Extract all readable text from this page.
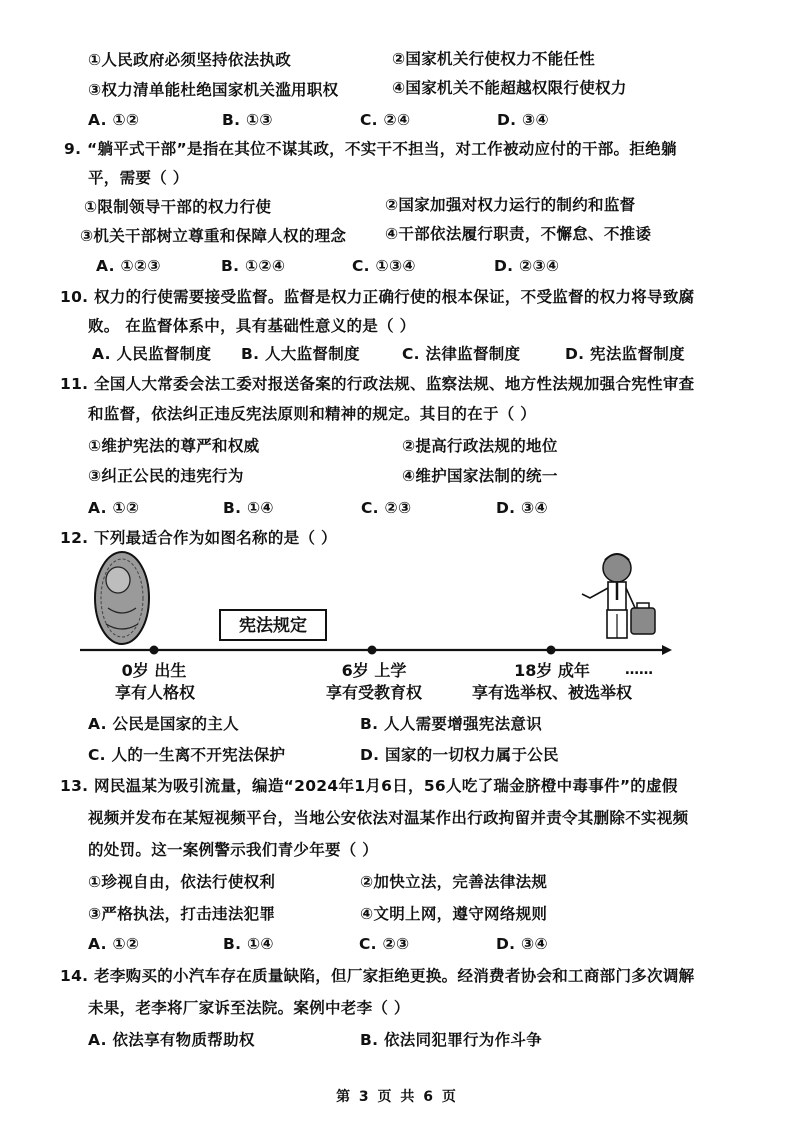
①人民政府必须坚持依法执政	②国家机关行使权力不能任性
③权力清单能杜绝国家机关滥用职权	④国家机关不能超越权限行使权力
A. ①②	B. ①③	C. ②④	D. ③④
9. “躺平式干部”是指在其位不谋其政，不实干不担当，对工作被动应付的干部。拒绝躺
平，需要（ ）
①限制领导干部的权力行使	②国家加强对权力运行的制约和监督
③机关干部树立尊重和保障人权的理念	④干部依法履行职责，不懈怠、不推诿
A. ①②③	B. ①②④	C. ①③④	D. ②③④
10. 权力的行使需要接受监督。监督是权力正确行使的根本保证，不受监督的权力将导致腐
败。 在监督体系中，具有基础性意义的是（ ）
A. 人民监督制度 B. 人大监督制度	C. 法律监督制度	D. 宪法监督制度
11. 全国人大常委会法工委对报送备案的行政法规、监察法规、地方性法规加强合宪性审查
和监督，依法纠正违反宪法原则和精神的规定。其目的在于（ ）
①维护宪法的尊严和权威	②提高行政法规的地位
③纠正公民的违宪行为	④维护国家法制的统一
A. ①②	B. ①④	C. ②③	D. ③④
12. 下列最适合作为如图名称的是（ ）
宪法规定
0岁 出生
享有人格权
6岁 上学
享有受教育权
18岁 成年
享有选举权、被选举权
……
A. 公民是国家的主人	B. 人人需要增强宪法意识
C. 人的一生离不开宪法保护	D. 国家的一切权力属于公民
13. 网民温某为吸引流量，编造“2024年1月6日，56人吃了瑞金脐橙中毒事件”的虚假
视频并发布在某短视频平台，当地公安依法对温某作出行政拘留并责令其删除不实视频
的处罚。这一案例警示我们青少年要（ ）
①珍视自由，依法行使权利	②加快立法，完善法律法规
③严格执法，打击违法犯罪	④文明上网，遵守网络规则
A. ①②	B. ①④	C. ②③	D. ③④
14. 老李购买的小汽车存在质量缺陷，但厂家拒绝更换。经消费者协会和工商部门多次调解
未果，老李将厂家诉至法院。案例中老李（ ）
A. 依法享有物质帮助权	B. 依法同犯罪行为作斗争
第 3 页 共 6 页
